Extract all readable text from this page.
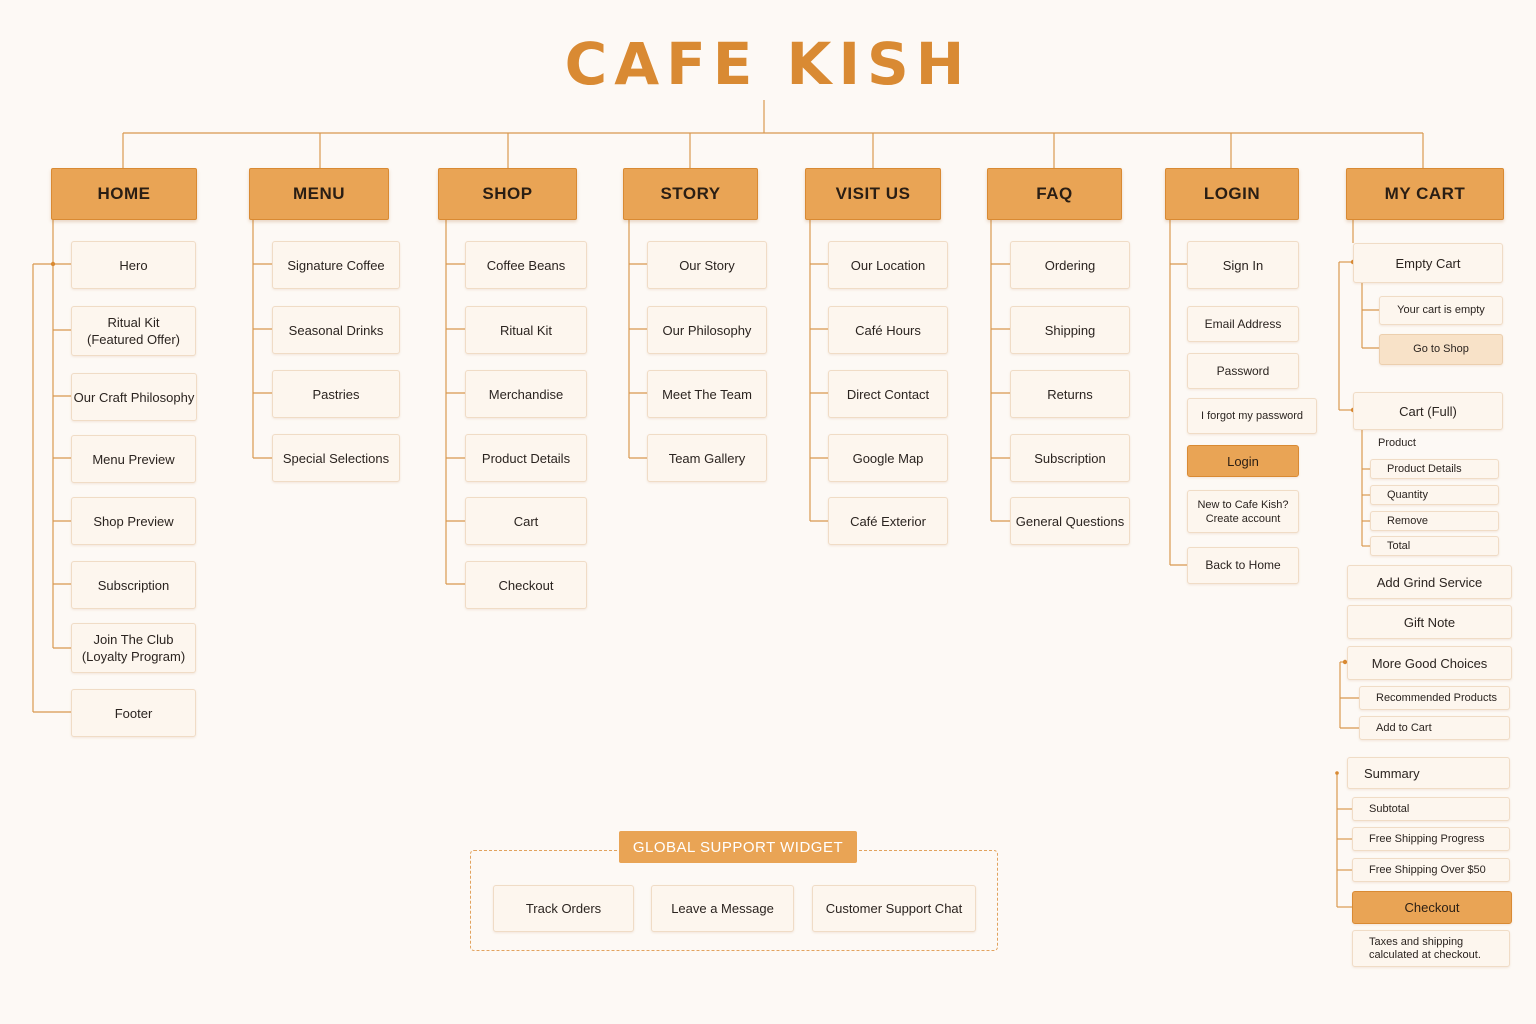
CAFE KISH
HOME	MENU	SHOP	STORY	VISIT US	FAQ	LOGIN	MY CART
Hero
Ritual Kit
(Featured Offer)
Our Craft Philosophy
Menu Preview
Shop Preview
Subscription
Join The Club
(Loyalty Program)
Footer
Signature Coffee
Seasonal Drinks
Pastries
Special Selections
Coffee Beans
Ritual Kit
Merchandise
Product Details
Cart
Checkout
Our Story
Our Philosophy
Meet The Team
Team Gallery
Our Location
Café Hours
Direct Contact
Google Map
Café Exterior
Ordering
Shipping
Returns
Subscription
General Questions
Sign In
Email Address
Password
I forgot my password
Login
New to Cafe Kish?
Create account
Back to Home
Empty Cart
Your cart is empty
Go to Shop
Cart (Full)
Product
Product Details
Quantity
Remove
Total
Add Grind Service
Gift Note
More Good Choices
Recommended Products
Add to Cart
Summary
Subtotal
Free Shipping Progress
Free Shipping Over $50
Checkout
Taxes and shipping
calculated at checkout.
GLOBAL SUPPORT WIDGET
Track Orders	Leave a Message	Customer Support Chat
